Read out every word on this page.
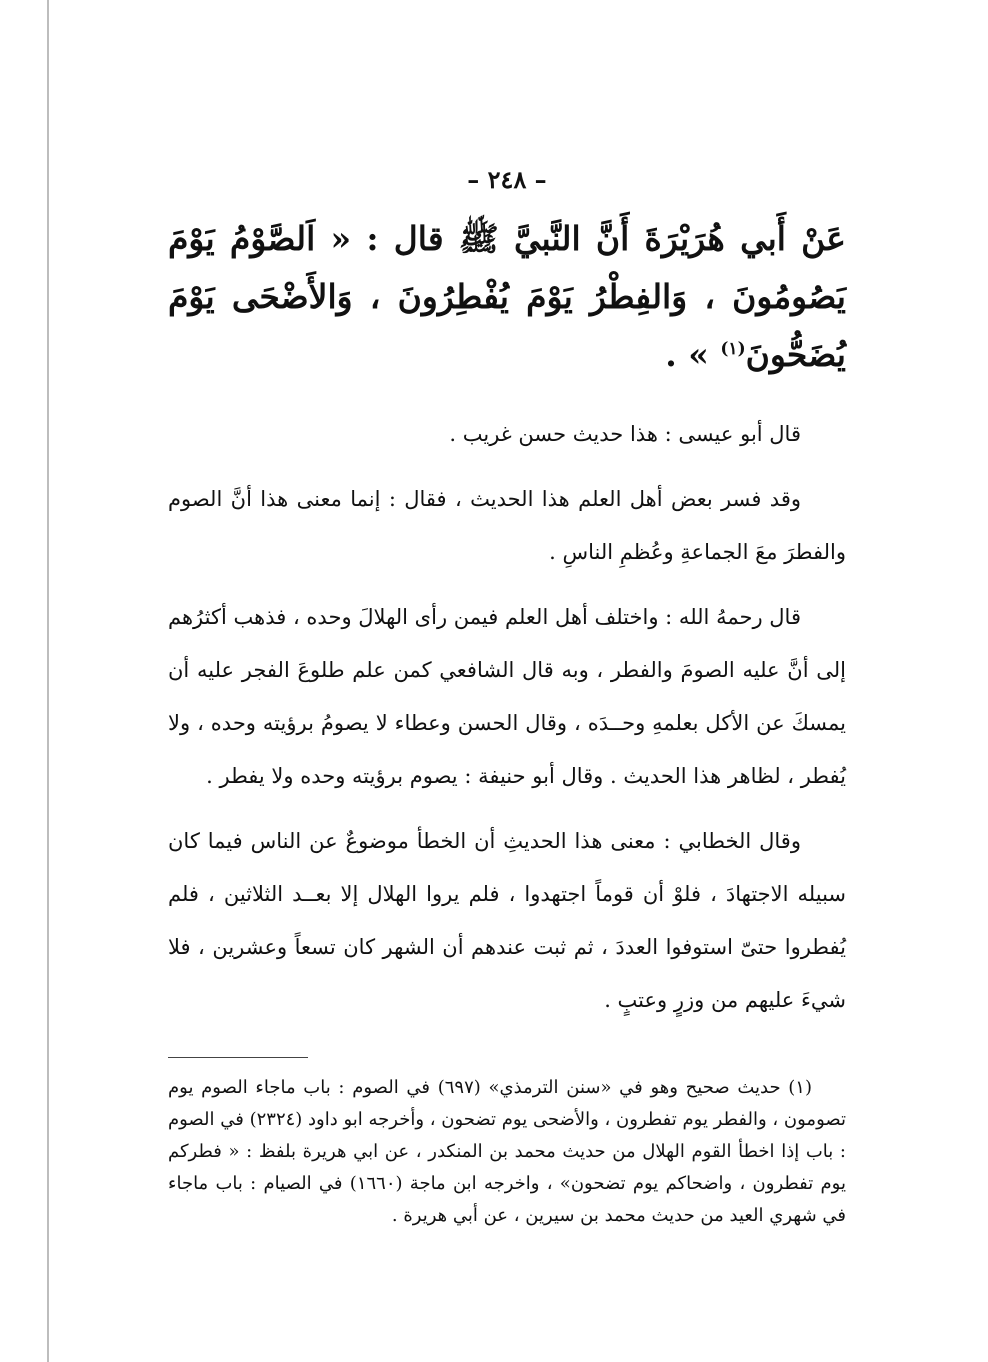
– ٢٤٨ –

عَنْ أَبي هُرَيْرَةَ أَنَّ النَّبيَّ ﷺ قال : « اَلصَّوْمُ يَوْمَ يَصُومُونَ ، وَالفِطْرُ يَوْمَ يُفْطِرُونَ ، وَالأَضْحَى يَوْمَ يُضَحُّونَ$^{(١)}$ » .

قال أبو عيسى : هذا حديث حسن غريب .

وقد فسر بعض أهل العلم هذا الحديث ، فقال : إنما معنى هذا أنَّ الصوم والفطرَ معَ الجماعةِ وعُظمِ الناسِ .

قال رحمهُ الله : واختلف أهل العلم فيمن رأى الهلالَ وحده ، فذهب أكثرُهم إلى أنَّ عليه الصومَ والفطر ، وبه قال الشافعي كمن علم طلوعَ الفجر عليه أن يمسكَ عن الأكل بعلمهِ وحــدَه ، وقال الحسن وعطاء لا يصومُ برؤيته وحده ، ولا يُفطر ، لظاهر هذا الحديث . وقال أبو حنيفة : يصوم برؤيته وحده ولا يفطر .

وقال الخطابي : معنى هذا الحديثِ أن الخطأ موضوعٌ عن الناس فيما كان سبيله الاجتهادَ ، فلوْ أن قوماً اجتهدوا ، فلم يروا الهلال إلا بعــد الثلاثين ، فلم يُفطروا حتىّ استوفوا العددَ ، ثم ثبت عندهم أن الشهر كان تسعاً وعشرين ، فلا شيءَ عليهم من وزرٍ وعتبٍ .

(١) حديث صحيح وهو في «سنن الترمذي» (٦٩٧) في الصوم : باب ماجاء الصوم يوم تصومون ، والفطر يوم تفطرون ، والأضحى يوم تضحون ، وأخرجه ابو داود (٢٣٢٤) في الصوم : باب إذا اخطأ القوم الهلال من حديث محمد بن المنكدر ، عن ابي هريرة بلفظ : « فطركم يوم تفطرون ، واضحاكم يوم تضحون» ، واخرجه ابن ماجة (١٦٦٠) في الصيام : باب ماجاء في شهري العيد من حديث محمد بن سيرين ، عن أبي هريرة .
